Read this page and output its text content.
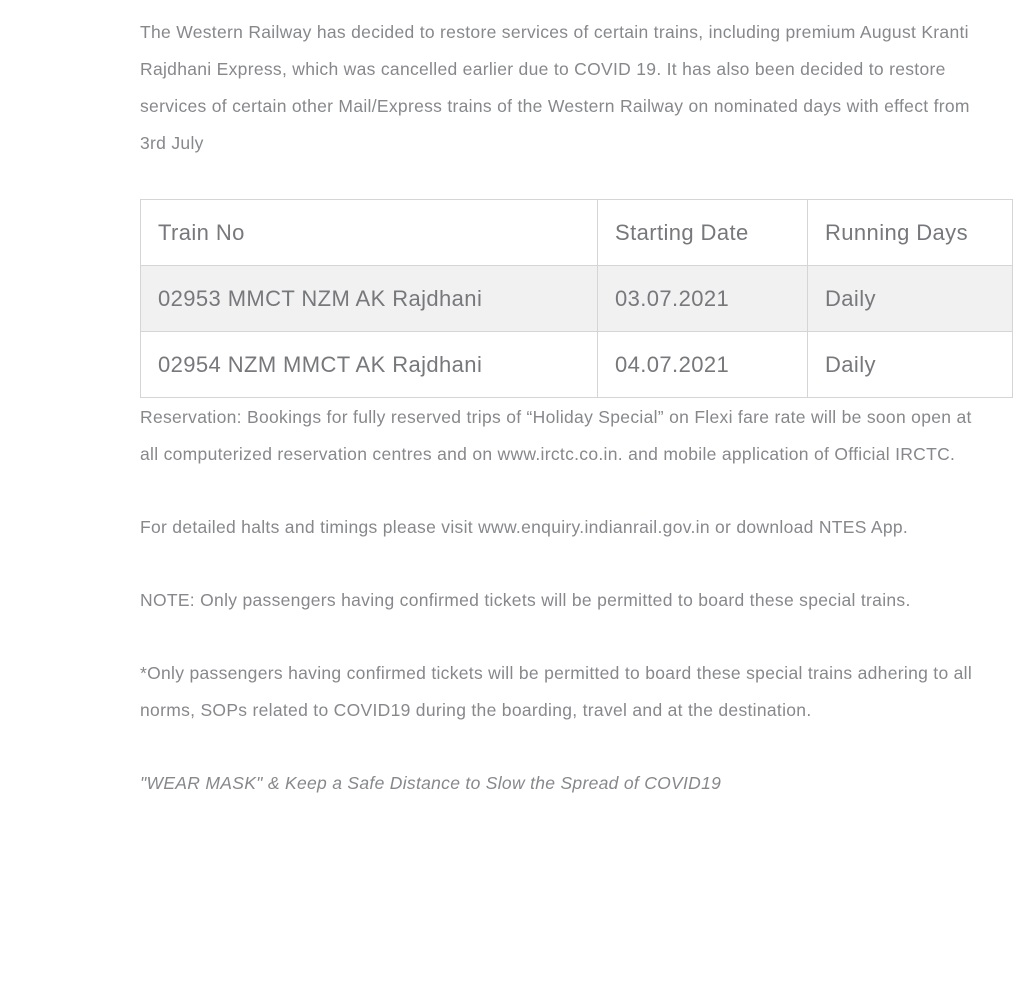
The Western Railway has decided to restore services of certain trains, including premium August Kranti Rajdhani Express, which was cancelled earlier due to COVID 19. It has also been decided to restore services of certain other Mail/Express trains of the Western Railway on nominated days with effect from 3rd July

Train No	Starting Date	Running Days
02953 MMCT NZM AK Rajdhani	03.07.2021	Daily
02954 NZM MMCT AK Rajdhani	04.07.2021	Daily

Reservation: Bookings for fully reserved trips of “Holiday Special” on Flexi fare rate will be soon open at all computerized reservation centres and on www.irctc.co.in. and mobile application of Official IRCTC.

For detailed halts and timings please visit www.enquiry.indianrail.gov.in or download NTES App.

NOTE: Only passengers having confirmed tickets will be permitted to board these special trains.

*Only passengers having confirmed tickets will be permitted to board these special trains adhering to all norms, SOPs related to COVID19 during the boarding, travel and at the destination.

"WEAR MASK" & Keep a Safe Distance to Slow the Spread of COVID19
